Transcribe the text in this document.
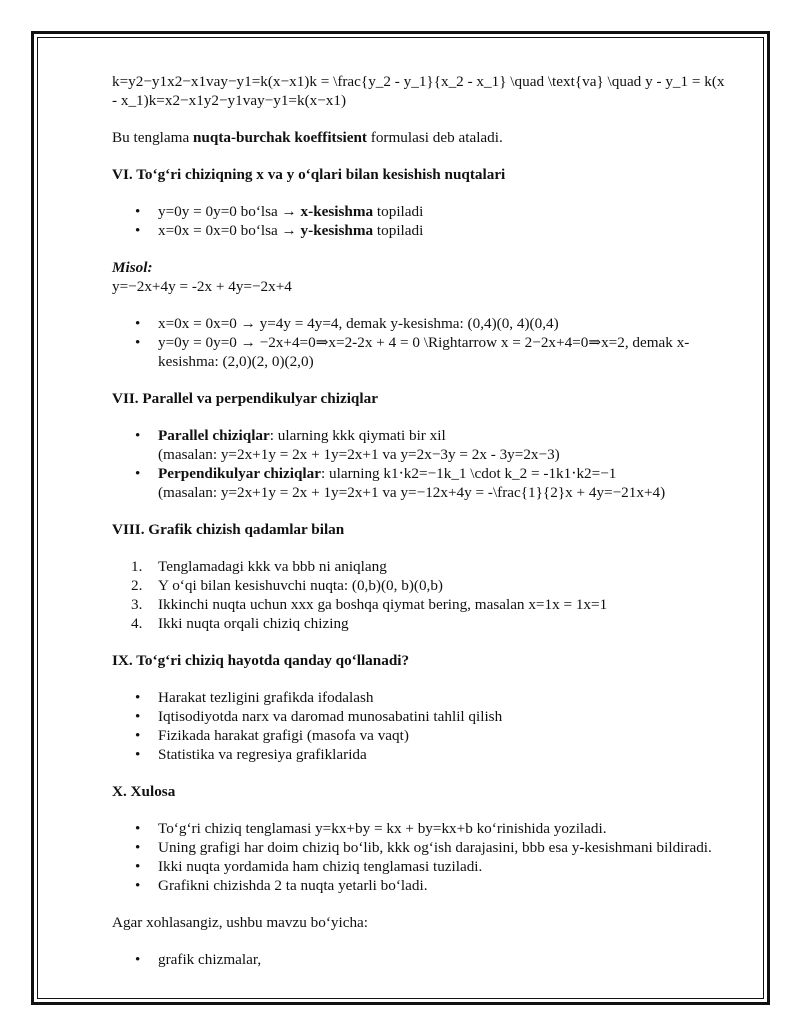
k=y2−y1x2−x1vay−y1=k(x−x1)k = \frac{y_2 - y_1}{x_2 - x_1} \quad \text{va} \quad y - y_1 = k(x

- x_1)k=x2−x1y2−y1vay−y1=k(x−x1)

Bu tenglama nuqta-burchak koeffitsient formulasi deb ataladi.

VI. To‘g‘ri chiziqning x va y o‘qlari bilan kesishish nuqtalari

• y=0y = 0y=0 bo‘lsa → x-kesishma topiladi
• x=0x = 0x=0 bo‘lsa → y-kesishma topiladi

Misol:

y=−2x+4y = -2x + 4y=−2x+4

• x=0x = 0x=0 → y=4y = 4y=4, demak y-kesishma: (0,4)(0, 4)(0,4)
• y=0y = 0y=0 → −2x+4=0⇒x=2-2x + 4 = 0 \Rightarrow x = 2−2x+4=0⇒x=2, demak x-
kesishma: (2,0)(2, 0)(2,0)

VII. Parallel va perpendikulyar chiziqlar

• Parallel chiziqlar: ularning kkk qiymati bir xil
(masalan: y=2x+1y = 2x + 1y=2x+1 va y=2x−3y = 2x - 3y=2x−3)
• Perpendikulyar chiziqlar: ularning k1⋅k2=−1k_1 \cdot k_2 = -1k1⋅k2=−1
(masalan: y=2x+1y = 2x + 1y=2x+1 va y=−12x+4y = -\frac{1}{2}x + 4y=−21x+4)

VIII. Grafik chizish qadamlar bilan

1. Tenglamadagi kkk va bbb ni aniqlang
2. Y o‘qi bilan kesishuvchi nuqta: (0,b)(0, b)(0,b)
3. Ikkinchi nuqta uchun xxx ga boshqa qiymat bering, masalan x=1x = 1x=1
4. Ikki nuqta orqali chiziq chizing

IX. To‘g‘ri chiziq hayotda qanday qo‘llanadi?

• Harakat tezligini grafikda ifodalash
• Iqtisodiyotda narx va daromad munosabatini tahlil qilish
• Fizikada harakat grafigi (masofa va vaqt)
• Statistika va regresiya grafiklarida

X. Xulosa

• To‘g‘ri chiziq tenglamasi y=kx+by = kx + by=kx+b ko‘rinishida yoziladi.
• Uning grafigi har doim chiziq bo‘lib, kkk og‘ish darajasini, bbb esa y-kesishmani bildiradi.
• Ikki nuqta yordamida ham chiziq tenglamasi tuziladi.
• Grafikni chizishda 2 ta nuqta yetarli bo‘ladi.

Agar xohlasangiz, ushbu mavzu bo‘yicha:

• grafik chizmalar,
